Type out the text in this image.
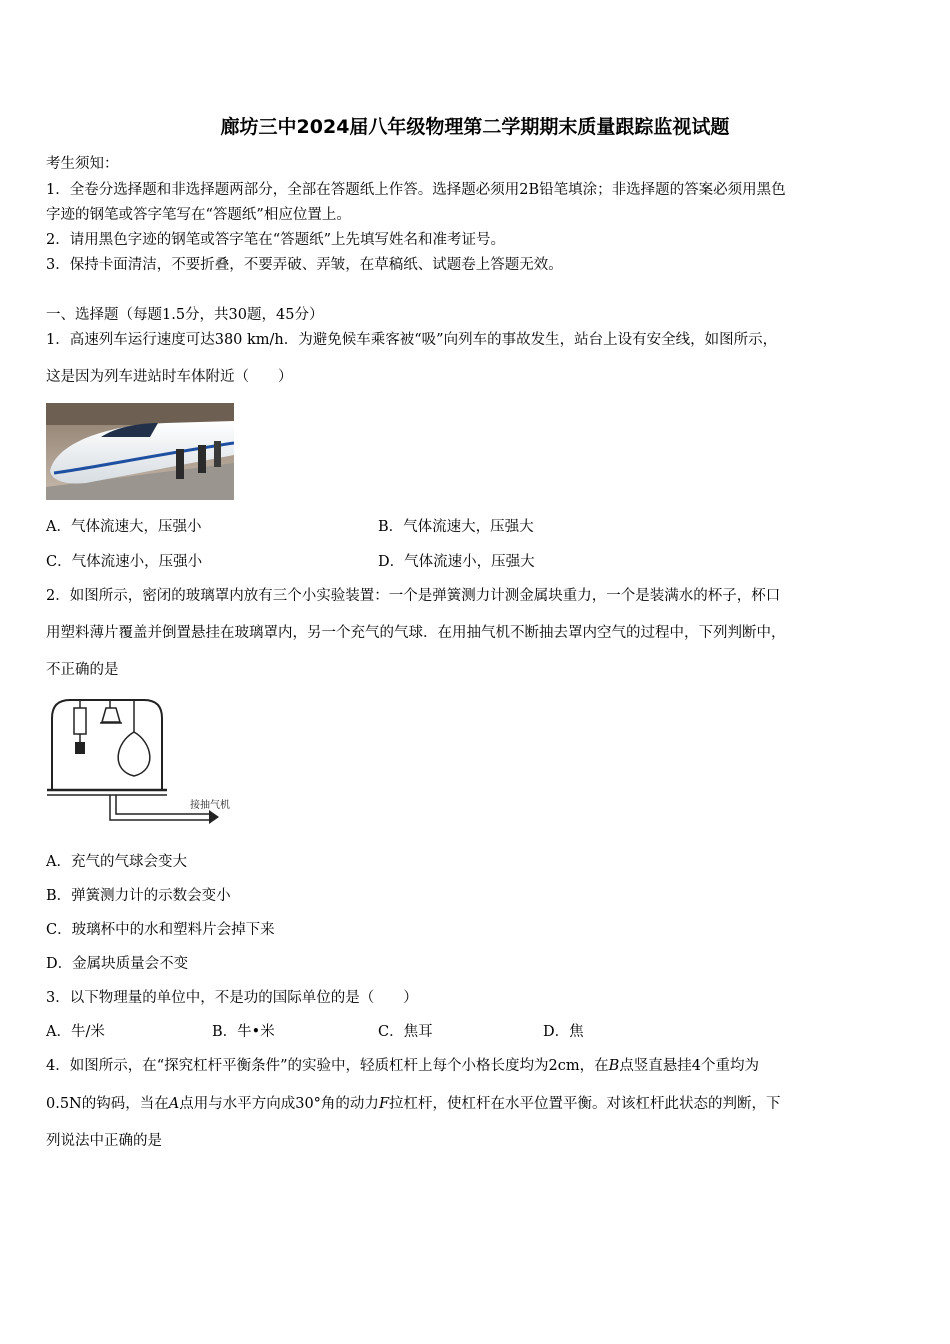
廊坊三中2024届八年级物理第二学期期末质量跟踪监视试题
考生须知：
1．全卷分选择题和非选择题两部分，全部在答题纸上作答。选择题必须用2B铅笔填涂；非选择题的答案必须用黑色
字迹的钢笔或答字笔写在“答题纸”相应位置上。
2．请用黑色字迹的钢笔或答字笔在“答题纸”上先填写姓名和准考证号。
3．保持卡面清洁，不要折叠，不要弄破、弄皱，在草稿纸、试题卷上答题无效。
一、选择题（每题1.5分，共30题，45分）
1．高速列车运行速度可达380 km/h．为避免候车乘客被“吸”向列车的事故发生，站台上设有安全线，如图所示，
这是因为列车进站时车体附近（　　）
A．气体流速大，压强小	B．气体流速大，压强大
C．气体流速小，压强小	D．气体流速小，压强大
2．如图所示，密闭的玻璃罩内放有三个小实验装置：一个是弹簧测力计测金属块重力，一个是装满水的杯子，杯口
用塑料薄片覆盖并倒置悬挂在玻璃罩内，另一个充气的气球．在用抽气机不断抽去罩内空气的过程中，下列判断中，
不正确的是
接抽气机
A．充气的气球会变大
B．弹簧测力计的示数会变小
C．玻璃杯中的水和塑料片会掉下来
D．金属块质量会不变
3．以下物理量的单位中，不是功的国际单位的是（　　）
A．牛/米	B．牛•米	C．焦耳	D．焦
4．如图所示，在“探究杠杆平衡条件”的实验中，轻质杠杆上每个小格长度均为2cm，在B点竖直悬挂4个重均为
0.5N的钩码，当在A点用与水平方向成30°角的动力F拉杠杆，使杠杆在水平位置平衡。对该杠杆此状态的判断，下
列说法中正确的是
